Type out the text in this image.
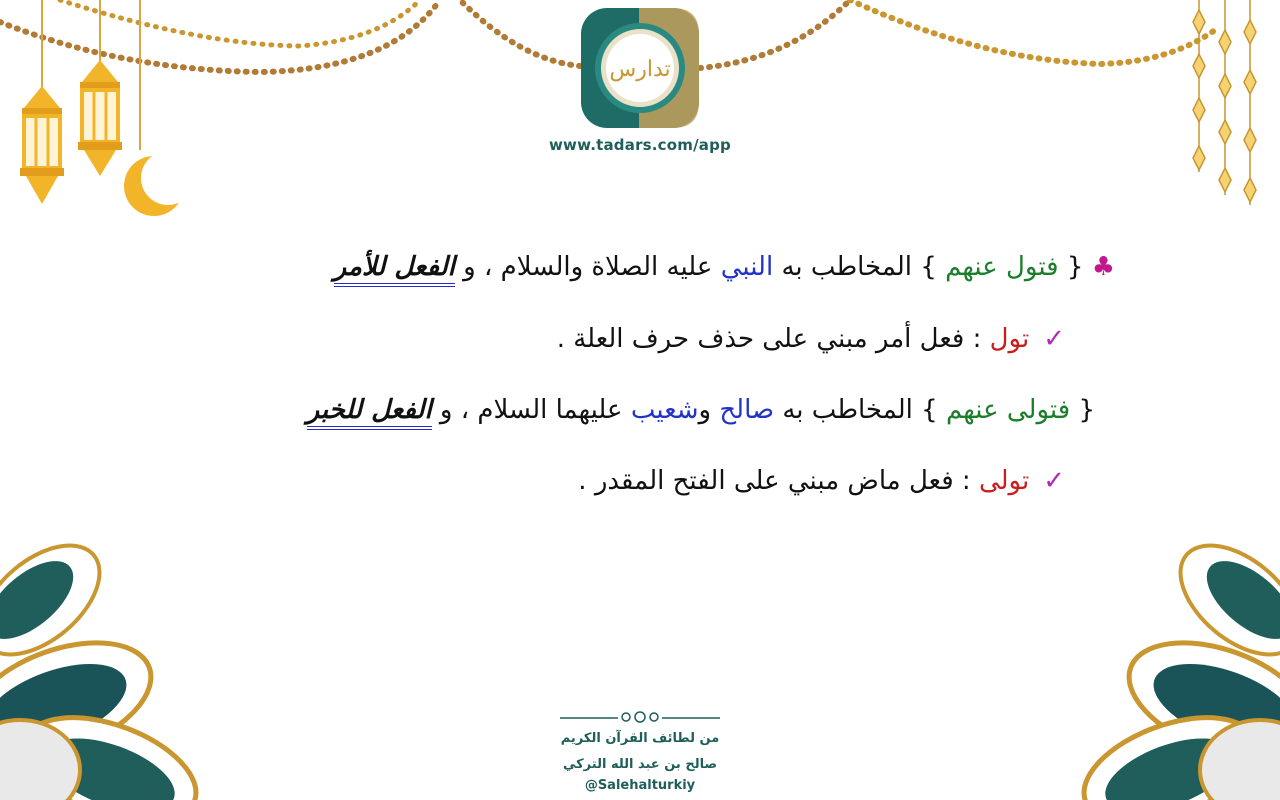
تدارس
www.tadars.com/app
♣ { فتول عنهم } المخاطب به النبي عليه الصلاة والسلام ، و الفعل للأمر
✓تول : فعل أمر مبني على حذف حرف العلة .
{ فتولى عنهم } المخاطب به صالح وشعيب عليهما السلام ، و الفعل للخبر
✓تولى : فعل ماض مبني على الفتح المقدر .
من لطائف القرآن الكريم
صالح بن عبد الله التركي
@Salehalturkiy
